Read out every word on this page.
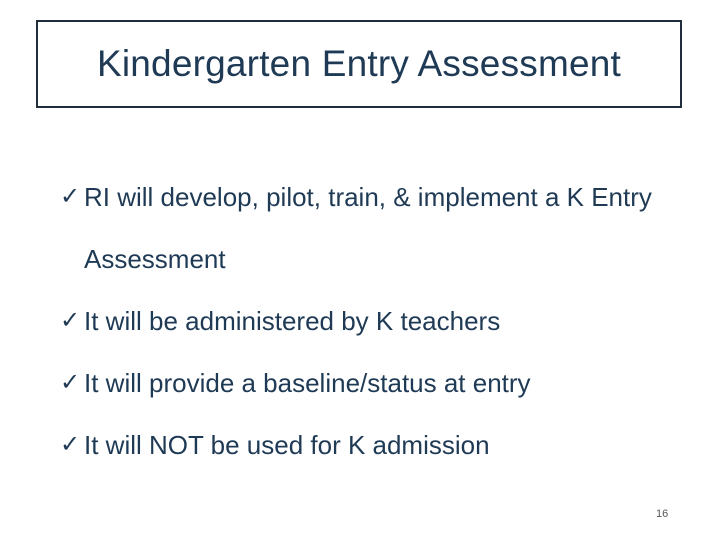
Kindergarten Entry Assessment
✓ RI will develop, pilot, train, & implement a K Entry Assessment
✓ It will be administered by K teachers
✓ It will provide a baseline/status at entry
✓ It will NOT be used for K admission
16
